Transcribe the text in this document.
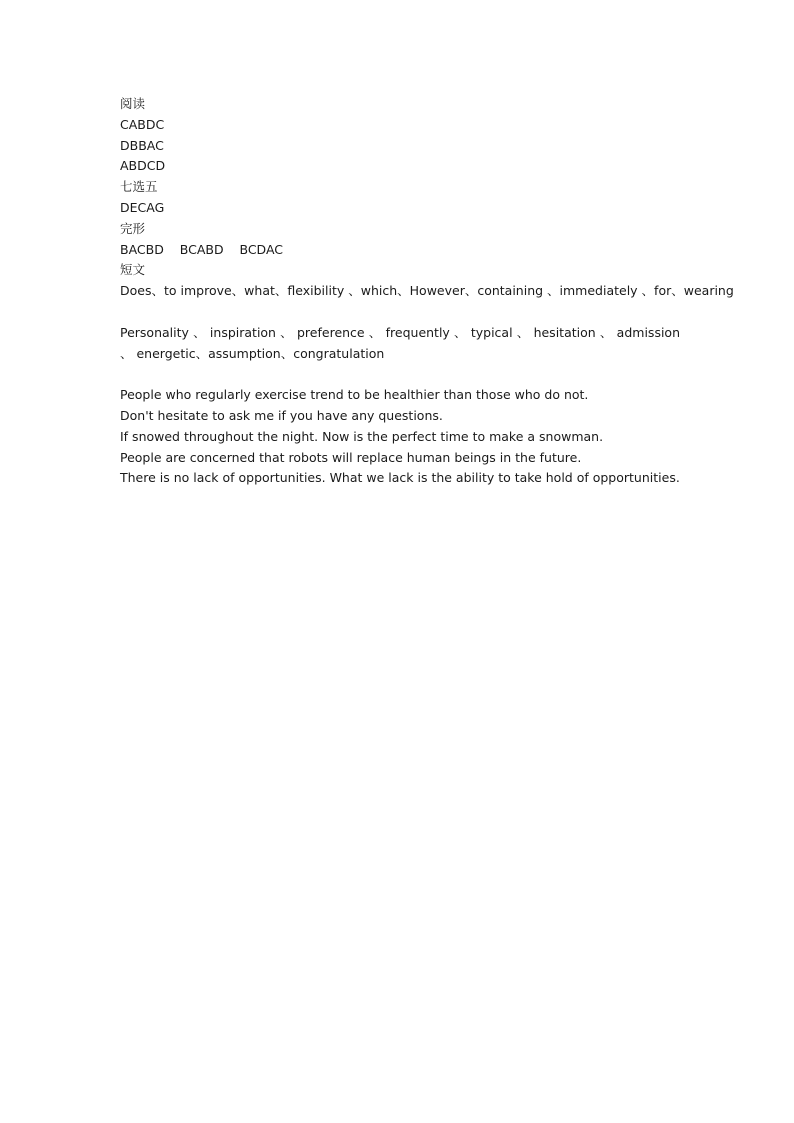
阅读
CABDC
DBBAC
ABDCD
七选五
DECAG
完形
BACBD    BCABD    BCDAC
短文
Does、to improve、what、flexibility 、which、However、containing 、immediately 、for、wearing
Personality 、 inspiration 、 preference 、 frequently 、 typical 、 hesitation 、 admission 、 energetic、assumption、congratulation
People who regularly exercise trend to be healthier than those who do not.
Don't hesitate to ask me if you have any questions.
If snowed throughout the night. Now is the perfect time to make a snowman.
People are concerned that robots will replace human beings in the future.
There is no lack of opportunities. What we lack is the ability to take hold of opportunities.
